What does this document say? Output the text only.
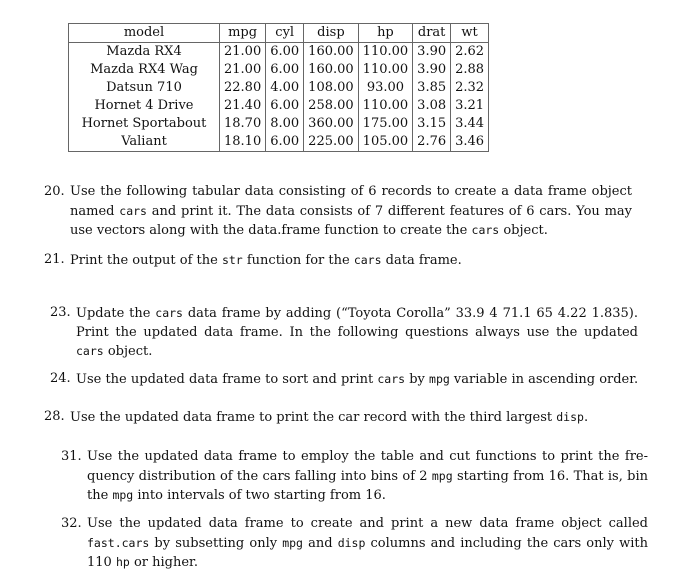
model	mpg	cyl	disp	hp	drat	wt
Mazda RX4	21.00	6.00	160.00	110.00	3.90	2.62
Mazda RX4 Wag	21.00	6.00	160.00	110.00	3.90	2.88
Datsun 710	22.80	4.00	108.00	93.00	3.85	2.32
Hornet 4 Drive	21.40	6.00	258.00	110.00	3.08	3.21
Hornet Sportabout	18.70	8.00	360.00	175.00	3.15	3.44
Valiant	18.10	6.00	225.00	105.00	2.76	3.46
20. Use the following tabular data consisting of 6 records to create a data frame object named cars and print it. The data consists of 7 different features of 6 cars. You may use vectors along with the data.frame function to create the cars object.
21. Print the output of the str function for the cars data frame.
23. Update the cars data frame by adding (“Toyota Corolla” 33.9 4 71.1 65 4.22 1.835). Print the updated data frame. In the following questions always use the updated cars object.
24. Use the updated data frame to sort and print cars by mpg variable in ascending order.
28. Use the updated data frame to print the car record with the third largest disp.
31. Use the updated data frame to employ the table and cut functions to print the fre-quency distribution of the cars falling into bins of 2 mpg starting from 16. That is, bin the mpg into intervals of two starting from 16.
32. Use the updated data frame to create and print a new data frame object called fast.cars by subsetting only mpg and disp columns and including the cars only with 110 hp or higher.
